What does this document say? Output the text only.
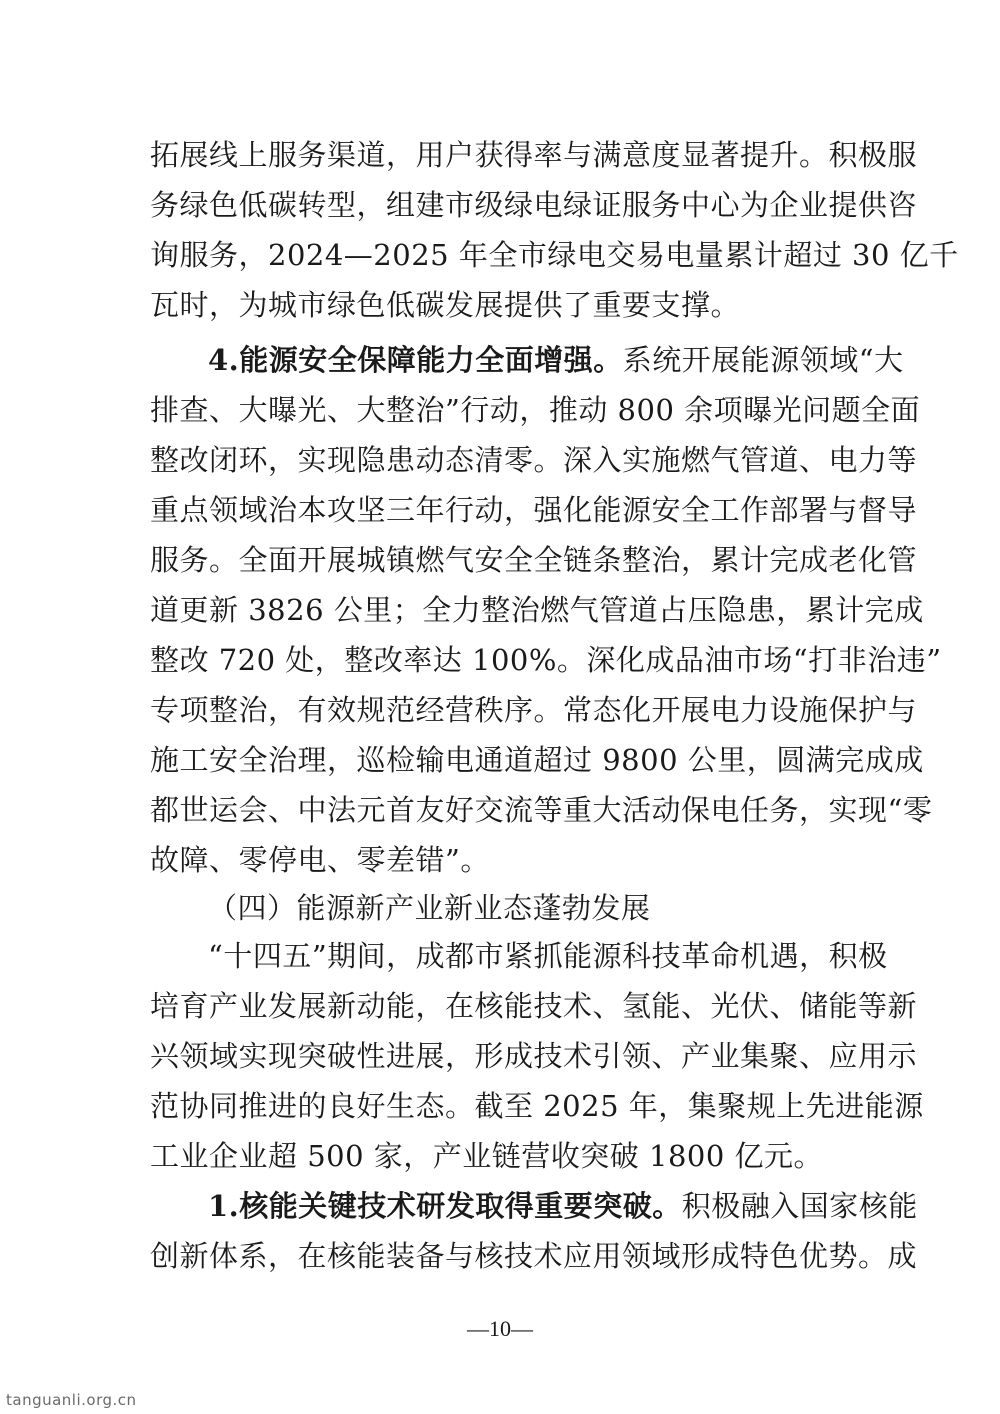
拓展线上服务渠道，用户获得率与满意度显著提升。积极服
务绿色低碳转型，组建市级绿电绿证服务中心为企业提供咨
询服务，2024—2025 年全市绿电交易电量累计超过 30 亿千
瓦时，为城市绿色低碳发展提供了重要支撑。
4.能源安全保障能力全面增强。系统开展能源领域“大
排查、大曝光、大整治”行动，推动 800 余项曝光问题全面
整改闭环，实现隐患动态清零。深入实施燃气管道、电力等
重点领域治本攻坚三年行动，强化能源安全工作部署与督导
服务。全面开展城镇燃气安全全链条整治，累计完成老化管
道更新 3826 公里；全力整治燃气管道占压隐患，累计完成
整改 720 处，整改率达 100%。深化成品油市场“打非治违”
专项整治，有效规范经营秩序。常态化开展电力设施保护与
施工安全治理，巡检输电通道超过 9800 公里，圆满完成成
都世运会、中法元首友好交流等重大活动保电任务，实现“零
故障、零停电、零差错”。
（四）能源新产业新业态蓬勃发展
“十四五”期间，成都市紧抓能源科技革命机遇，积极
培育产业发展新动能，在核能技术、氢能、光伏、储能等新
兴领域实现突破性进展，形成技术引领、产业集聚、应用示
范协同推进的良好生态。截至 2025 年，集聚规上先进能源
工业企业超 500 家，产业链营收突破 1800 亿元。
1.核能关键技术研发取得重要突破。积极融入国家核能
创新体系，在核能装备与核技术应用领域形成特色优势。成
—10—
tanguanli.org.cn
